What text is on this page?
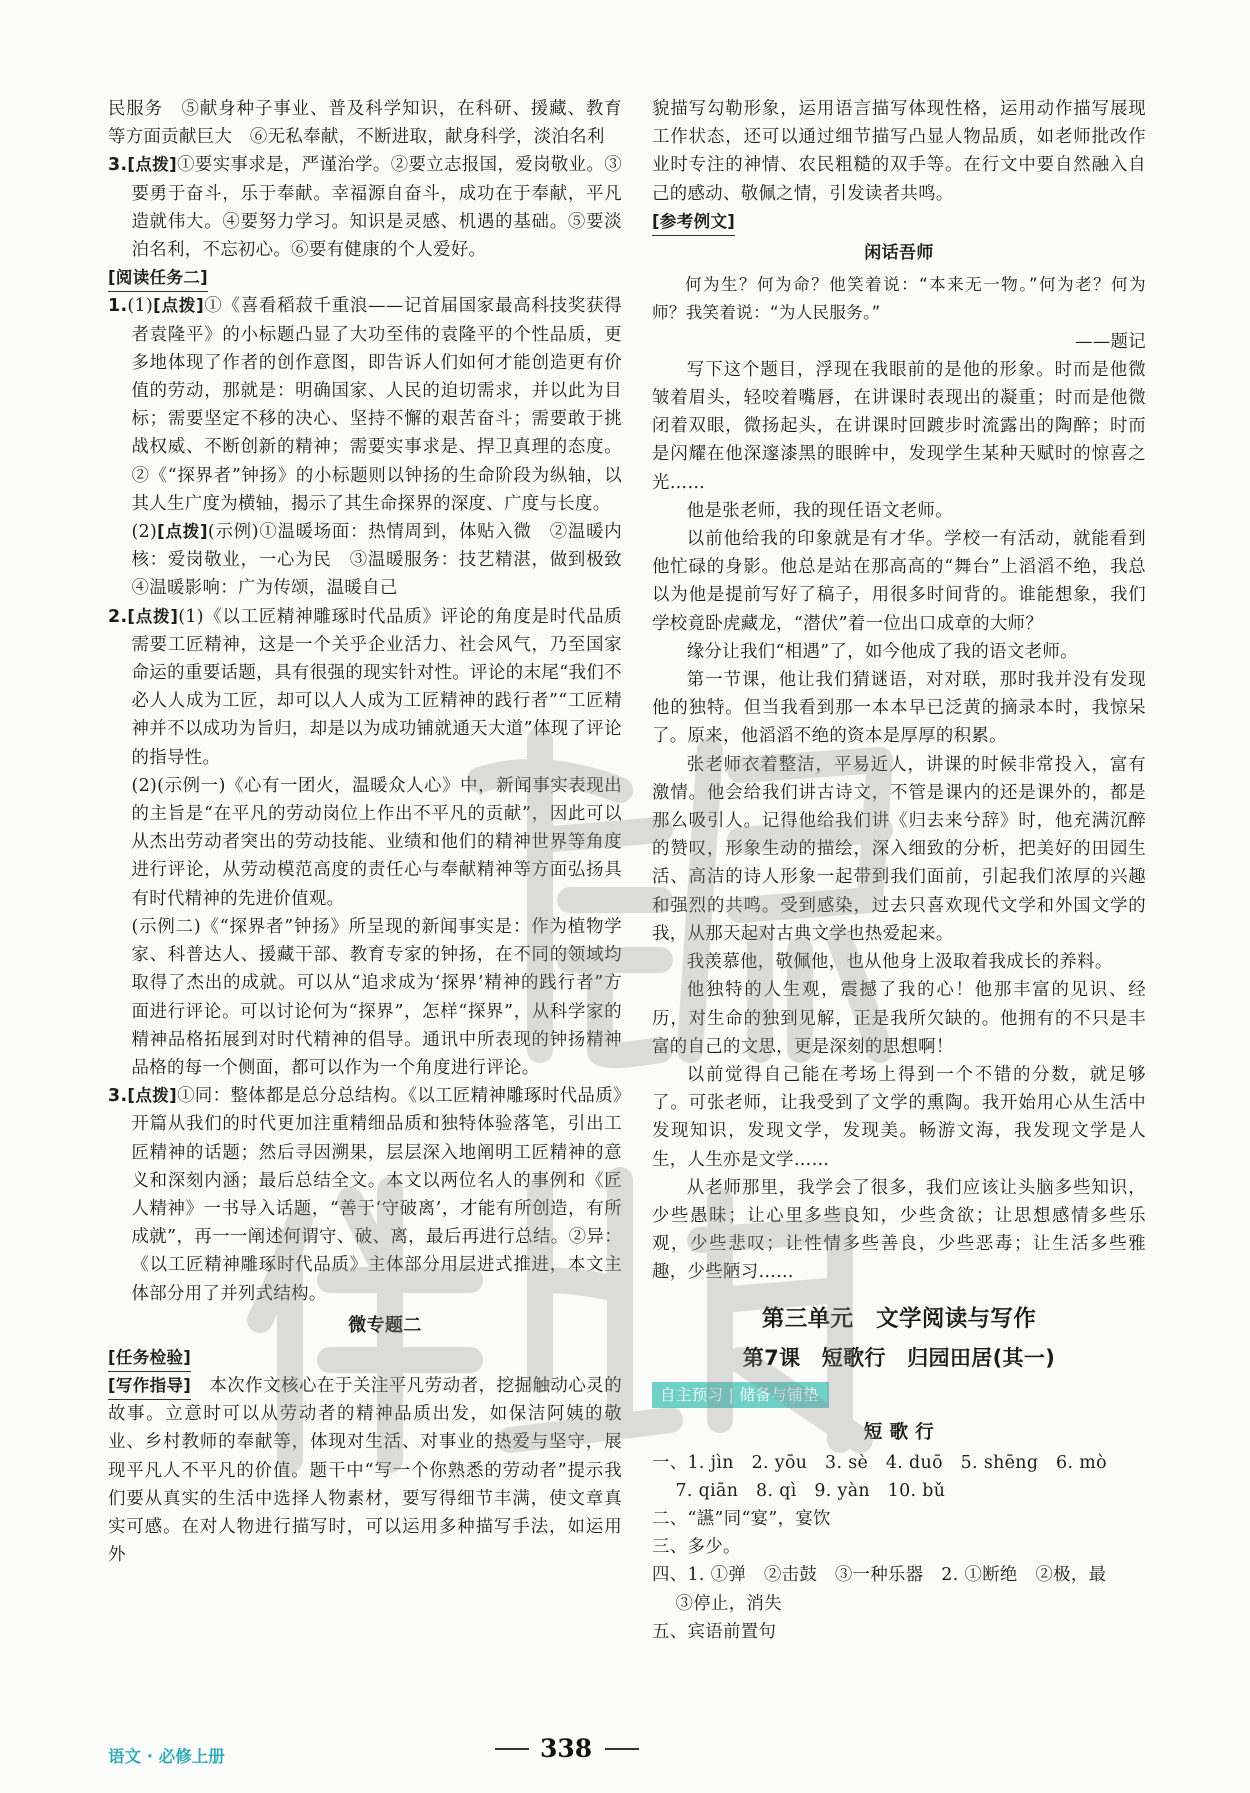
民服务　⑤献身种子事业、普及科学知识，在科研、援藏、教育等方面贡献巨大　⑥无私奉献，不断进取，献身科学，淡泊名利

3.[点拨]①要实事求是，严谨治学。②要立志报国，爱岗敬业。③要勇于奋斗，乐于奉献。幸福源自奋斗，成功在于奉献，平凡造就伟大。④要努力学习。知识是灵感、机遇的基础。⑤要淡泊名利，不忘初心。⑥要有健康的个人爱好。

[阅读任务二]

1.(1)[点拨]①《喜看稻菽千重浪——记首届国家最高科技奖获得者袁隆平》的小标题凸显了大功至伟的袁隆平的个性品质，更多地体现了作者的创作意图，即告诉人们如何才能创造更有价值的劳动，那就是：明确国家、人民的迫切需求，并以此为目标；需要坚定不移的决心、坚持不懈的艰苦奋斗；需要敢于挑战权威、不断创新的精神；需要实事求是、捍卫真理的态度。②《“探界者”钟扬》的小标题则以钟扬的生命阶段为纵轴，以其人生广度为横轴，揭示了其生命探界的深度、广度与长度。

(2)[点拨](示例)①温暖场面：热情周到，体贴入微　②温暖内核：爱岗敬业，一心为民　③温暖服务：技艺精湛，做到极致　④温暖影响：广为传颂，温暖自己

2.[点拨](1)《以工匠精神雕琢时代品质》评论的角度是时代品质需要工匠精神，这是一个关乎企业活力、社会风气，乃至国家命运的重要话题，具有很强的现实针对性。评论的末尾“我们不必人人成为工匠，却可以人人成为工匠精神的践行者”“工匠精神并不以成功为旨归，却是以为成功铺就通天大道”体现了评论的指导性。

(2)(示例一)《心有一团火，温暖众人心》中，新闻事实表现出的主旨是“在平凡的劳动岗位上作出不平凡的贡献”，因此可以从杰出劳动者突出的劳动技能、业绩和他们的精神世界等角度进行评论，从劳动模范高度的责任心与奉献精神等方面弘扬具有时代精神的先进价值观。

(示例二)《“探界者”钟扬》所呈现的新闻事实是：作为植物学家、科普达人、援藏干部、教育专家的钟扬，在不同的领域均取得了杰出的成就。可以从“追求成为‘探界’精神的践行者”方面进行评论。可以讨论何为“探界”，怎样“探界”，从科学家的精神品格拓展到对时代精神的倡导。通讯中所表现的钟扬精神品格的每一个侧面，都可以作为一个角度进行评论。

3.[点拨]①同：整体都是总分总结构。《以工匠精神雕琢时代品质》开篇从我们的时代更加注重精细品质和独特体验落笔，引出工匠精神的话题；然后寻因溯果，层层深入地阐明工匠精神的意义和深刻内涵；最后总结全文。本文以两位名人的事例和《匠人精神》一书导入话题，“善于‘守破离’，才能有所创造，有所成就”，再一一阐述何谓守、破、离，最后再进行总结。②异：《以工匠精神雕琢时代品质》主体部分用层进式推进，本文主体部分用了并列式结构。

微专题二
[任务检验]

[写作指导]　 本次作文核心在于关注平凡劳动者，挖掘触动心灵的故事。立意时可以从劳动者的精神品质出发，如保洁阿姨的敬业、乡村教师的奉献等，体现对生活、对事业的热爱与坚守，展现平凡人不平凡的价值。题干中“写一个你熟悉的劳动者”提示我们要从真实的生活中选择人物素材，要写得细节丰满，使文章真实可感。在对人物进行描写时，可以运用多种描写手法，如运用外

貌描写勾勒形象，运用语言描写体现性格，运用动作描写展现工作状态，还可以通过细节描写凸显人物品质，如老师批改作业时专注的神情、农民粗糙的双手等。在行文中要自然融入自己的感动、敬佩之情，引发读者共鸣。

[参考例文]
闲话吾师

何为生？何为命？他笑着说：“本来无一物。”何为老？何为师？我笑着说：“为人民服务。”

——题记

写下这个题目，浮现在我眼前的是他的形象。时而是他微皱着眉头，轻咬着嘴唇，在讲课时表现出的凝重；时而是他微闭着双眼，微扬起头，在讲课时回踱步时流露出的陶醉；时而是闪耀在他深邃漆黑的眼眸中，发现学生某种天赋时的惊喜之光……

他是张老师，我的现任语文老师。

以前他给我的印象就是有才华。学校一有活动，就能看到他忙碌的身影。他总是站在那高高的“舞台”上滔滔不绝，我总以为他是提前写好了稿子，用很多时间背的。谁能想象，我们学校竟卧虎藏龙，“潜伏”着一位出口成章的大师？

缘分让我们“相遇”了，如今他成了我的语文老师。

第一节课，他让我们猜谜语，对对联，那时我并没有发现他的独特。但当我看到那一本本早已泛黄的摘录本时，我惊呆了。原来，他滔滔不绝的资本是厚厚的积累。

张老师衣着整洁，平易近人，讲课的时候非常投入，富有激情。他会给我们讲古诗文，不管是课内的还是课外的，都是那么吸引人。记得他给我们讲《归去来兮辞》时，他充满沉醉的赞叹，形象生动的描绘，深入细致的分析，把美好的田园生活、高洁的诗人形象一起带到我们面前，引起我们浓厚的兴趣和强烈的共鸣。受到感染，过去只喜欢现代文学和外国文学的我，从那天起对古典文学也热爱起来。

我羡慕他，敬佩他，也从他身上汲取着我成长的养料。

他独特的人生观，震撼了我的心！他那丰富的见识、经历，对生命的独到见解，正是我所欠缺的。他拥有的不只是丰富的自己的文思，更是深刻的思想啊！

以前觉得自己能在考场上得到一个不错的分数，就足够了。可张老师，让我受到了文学的熏陶。我开始用心从生活中发现知识，发现文学，发现美。畅游文海，我发现文学是人生，人生亦是文学……

从老师那里，我学会了很多，我们应该让头脑多些知识，少些愚昧；让心里多些良知，少些贪欲；让思想感情多些乐观，少些悲叹；让性情多些善良，少些恶毒；让生活多些雅趣，少些陋习……

第三单元　文学阅读与写作
第7课　短歌行　归园田居(其一)
自主预习 | 储备与铺垫
短 歌 行

一、1. jìn　2. yōu　3. sè　4. duō　5. shēng　6. mò

7. qiān　8. qì　9. yàn　10. bǔ

二、“讌”同“宴”，宴饮

三、多少。

四、1. ①弹　②击鼓　③一种乐器　2. ①断绝　②极，最

③停止，消失

五、宾语前置句

语文 · 必修上册	338
